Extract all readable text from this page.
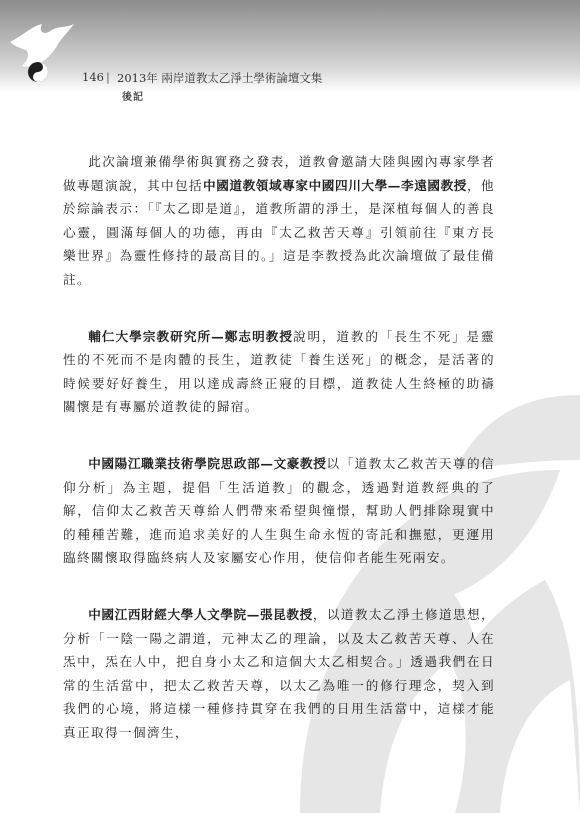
146 | 2013年 兩岸道教太乙淨土學術論壇文集
後記

此次論壇兼備學術與實務之發表，道教會邀請大陸與國內專家學者做專題演說，其中包括中國道教領域專家中國四川大學—李遠國教授，他於綜論表示：「『太乙即是道』，道教所謂的淨土，是深植每個人的善良心靈，圓滿每個人的功德，再由『太乙救苦天尊』引領前往『東方長樂世界』為靈性修持的最高目的。」這是李教授為此次論壇做了最佳備註。

輔仁大學宗教研究所—鄭志明教授說明，道教的「長生不死」是靈性的不死而不是肉體的長生，道教徒「養生送死」的概念，是活著的時候要好好養生，用以達成壽終正寢的目標，道教徒人生終極的助禱關懷是有專屬於道教徒的歸宿。

中國陽江職業技術學院思政部—文豪教授以「道教太乙救苦天尊的信仰分析」為主題，提倡「生活道教」的觀念，透過對道教經典的了解，信仰太乙救苦天尊給人們帶來希望與憧憬，幫助人們排除現實中的種種苦難，進而追求美好的人生與生命永恆的寄託和撫慰，更運用臨終關懷取得臨終病人及家屬安心作用，使信仰者能生死兩安。

中國江西財經大學人文學院—張昆教授，以道教太乙淨土修道思想，分析「一陰一陽之謂道，元神太乙的理論，以及太乙救苦天尊、人在炁中，炁在人中，把自身小太乙和這個大太乙相契合。」透過我們在日常的生活當中，把太乙救苦天尊，以太乙為唯一的修行理念，契入到我們的心境，將這樣一種修持貫穿在我們的日用生活當中，這樣才能真正取得一個濟生，
